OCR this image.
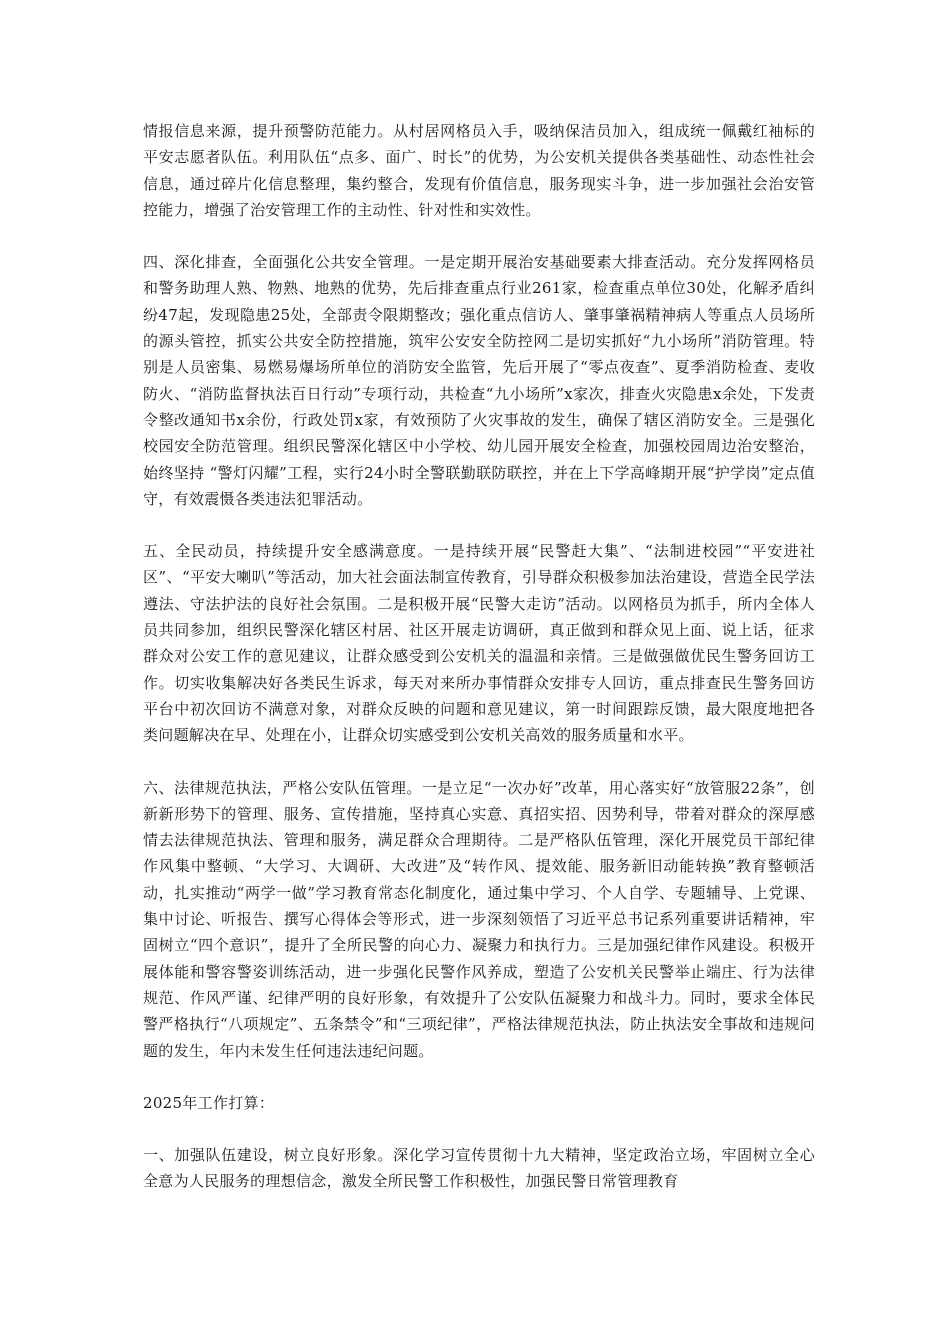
情报信息来源，提升预警防范能力。从村居网格员入手，吸纳保洁员加入，组成统一佩戴红袖标的平安志愿者队伍。利用队伍“点多、面广、时长”的优势，为公安机关提供各类基础性、动态性社会信息，通过碎片化信息整理，集约整合，发现有价值信息，服务现实斗争，进一步加强社会治安管控能力，增强了治安管理工作的主动性、针对性和实效性。

四、深化排查，全面强化公共安全管理。一是定期开展治安基础要素大排查活动。充分发挥网格员和警务助理人熟、物熟、地熟的优势，先后排查重点行业261家，检查重点单位30处，化解矛盾纠纷47起，发现隐患25处，全部责令限期整改；强化重点信访人、肇事肇祸精神病人等重点人员场所的源头管控，抓实公共安全防控措施，筑牢公安安全防控网二是切实抓好“九小场所”消防管理。特别是人员密集、易燃易爆场所单位的消防安全监管，先后开展了“零点夜查”、夏季消防检查、麦收防火、“消防监督执法百日行动”专项行动，共检查“九小场所”x家次，排查火灾隐患x余处，下发责令整改通知书x余份，行政处罚x家，有效预防了火灾事故的发生，确保了辖区消防安全。三是强化校园安全防范管理。组织民警深化辖区中小学校、幼儿园开展安全检查，加强校园周边治安整治，始终坚持 “警灯闪耀”工程，实行24小时全警联勤联防联控，并在上下学高峰期开展“护学岗”定点值守，有效震慑各类违法犯罪活动。

五、全民动员，持续提升安全感满意度。一是持续开展“民警赶大集”、“法制进校园”“平安进社区”、“平安大喇叭”等活动，加大社会面法制宣传教育，引导群众积极参加法治建设，营造全民学法遵法、守法护法的良好社会氛围。二是积极开展“民警大走访”活动。以网格员为抓手，所内全体人员共同参加，组织民警深化辖区村居、社区开展走访调研，真正做到和群众见上面、说上话，征求群众对公安工作的意见建议，让群众感受到公安机关的温温和亲情。三是做强做优民生警务回访工作。切实收集解决好各类民生诉求，每天对来所办事情群众安排专人回访，重点排查民生警务回访平台中初次回访不满意对象，对群众反映的问题和意见建议，第一时间跟踪反馈，最大限度地把各类问题解决在早、处理在小，让群众切实感受到公安机关高效的服务质量和水平。

六、法律规范执法，严格公安队伍管理。一是立足“一次办好”改革，用心落实好“放管服22条”，创新新形势下的管理、服务、宣传措施，坚持真心实意、真招实招、因势利导，带着对群众的深厚感情去法律规范执法、管理和服务，满足群众合理期待。二是严格队伍管理，深化开展党员干部纪律作风集中整顿、“大学习、大调研、大改进”及“转作风、提效能、服务新旧动能转换”教育整顿活动，扎实推动“两学一做”学习教育常态化制度化，通过集中学习、个人自学、专题辅导、上党课、集中讨论、听报告、撰写心得体会等形式，进一步深刻领悟了习近平总书记系列重要讲话精神，牢固树立“四个意识”，提升了全所民警的向心力、凝聚力和执行力。三是加强纪律作风建设。积极开展体能和警容警姿训练活动，进一步强化民警作风养成，塑造了公安机关民警举止端庄、行为法律规范、作风严谨、纪律严明的良好形象，有效提升了公安队伍凝聚力和战斗力。同时，要求全体民警严格执行“八项规定”、五条禁令”和“三项纪律”，严格法律规范执法，防止执法安全事故和违规问题的发生，年内未发生任何违法违纪问题。

2025年工作打算：

一、加强队伍建设，树立良好形象。深化学习宣传贯彻十九大精神，坚定政治立场，牢固树立全心全意为人民服务的理想信念，激发全所民警工作积极性，加强民警日常管理教育
